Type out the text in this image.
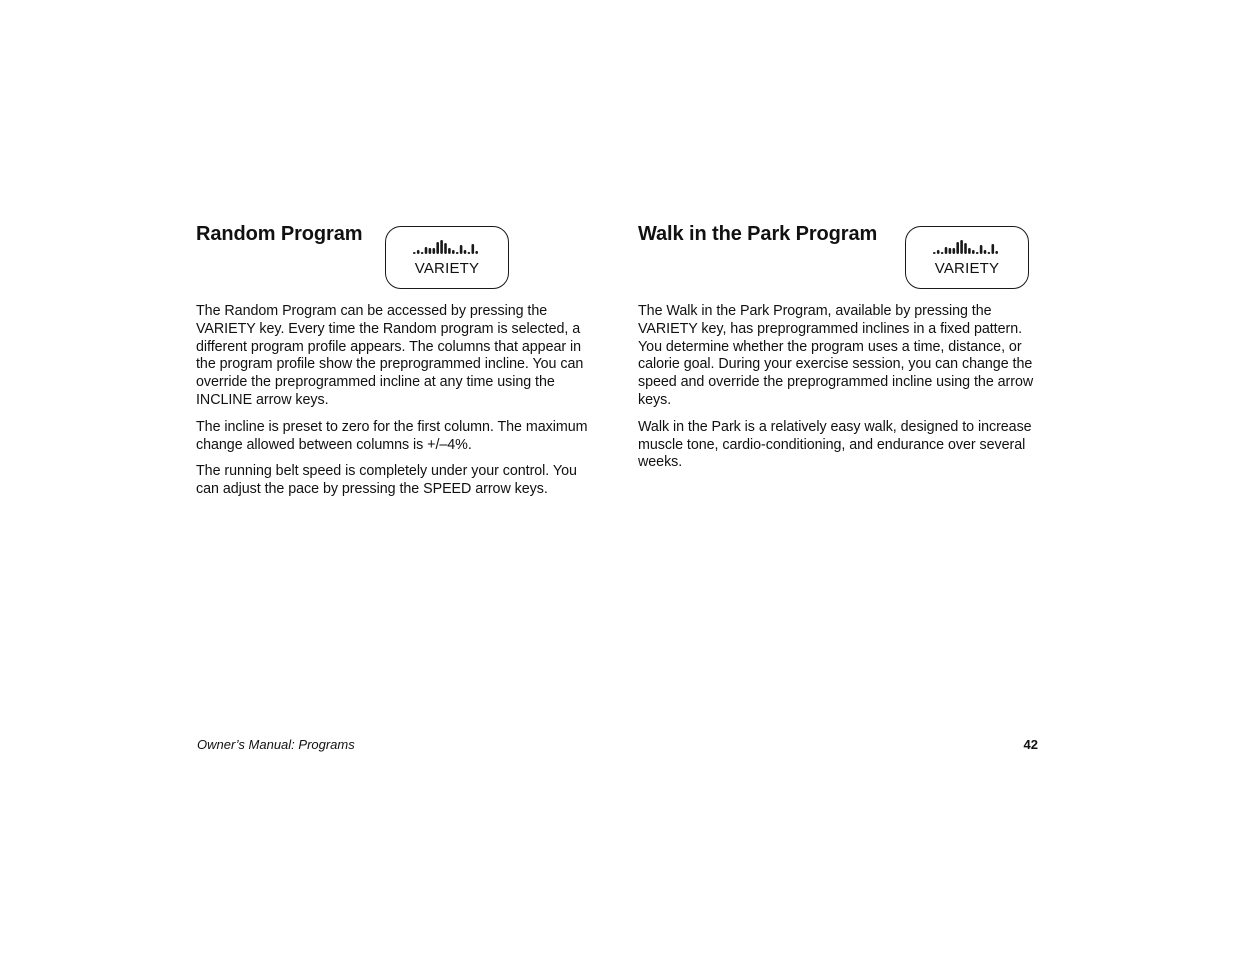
Random Program
VARIETY

The Random Program can be accessed by pressing the VARIETY key. Every time the Random program is selected, a different program profile appears. The columns that appear in the program profile show the preprogrammed incline. You can override the preprogrammed incline at any time using the INCLINE arrow keys.

The incline is preset to zero for the first column. The maximum change allowed between columns is +/–4%.

The running belt speed is completely under your control. You can adjust the pace by pressing the SPEED arrow keys.

Walk in the Park Program
VARIETY

The Walk in the Park Program, available by pressing the VARIETY key, has preprogrammed inclines in a fixed pattern. You determine whether the program uses a time, distance, or calorie goal. During your exercise session, you can change the speed and override the preprogrammed incline using the arrow keys.

Walk in the Park is a relatively easy walk, designed to increase muscle tone, cardio-conditioning, and endurance over several weeks.

Owner’s Manual: Programs	42
